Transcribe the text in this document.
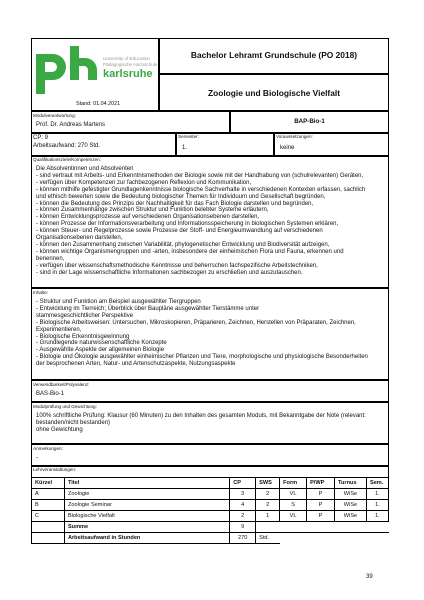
University of Education
Pädagogische Hochschule
karlsruhe
Stand: 01.04.2021
Bachelor Lehramt Grundschule (PO 2018)
Zoologie und Biologische Vielfalt
Modulverantwortung:
Prof. Dr. Andreas Martens	BAP-Bio-1
CP: 9
Arbeitsaufwand: 270 Std.
Semester:
1.
Voraussetzungen:
keine
Qualifikationsziele/Kompetenzen:
Die Absolventinnen und Absolventen
- sind vertraut mit Arbeits- und Erkenntnismethoden der Biologie sowie mit der Handhabung von (schulrelevanten) Geräten,
- verfügen über Kompetenzen zur fachbezogenen Reflexion und Kommunikation,
- können mithilfe gefestigter Grundlagenkenntnisse biologische Sachverhalte in verschiedenen Kontexten erfassen, sachlich
und ethisch bewerten sowie die Bedeutung biologischer Themen für Individuum und Gesellschaft begründen,
- können die Bedeutung des Prinzips der Nachhaltigkeit für das Fach Biologie darstellen und begründen,
- können Zusammenhänge zwischen Struktur und Funktion belebter Systeme erläutern,
- können Entwicklungsprozesse auf verschiedenen Organisationsebenen darstellen,
- können Prozesse der Informationsverarbeitung und Informationsspeicherung in biologischen Systemen erklären,
- können Steuer- und Regelprozesse sowie Prozesse der Stoff- und Energieumwandlung auf verschiedenen
Organisationsebenen darstellen,
- können den Zusammenhang zwischen Variabilität, phylogenetischer Entwicklung und Biodiversität aufzeigen,
- können wichtige Organismengruppen und -arten, insbesondere der einheimischen Flora und Fauna, erkennen und
benennen,
- verfügen über wissenschaftsmethodische Kenntnisse und beherrschen fachspezifische Arbeitstechniken,
- sind in der Lage wissenschaftliche Informationen sachbezogen zu erschließen und auszutauschen.
Inhalte:
- Struktur und Funktion am Beispiel ausgewählter Tiergruppen
- Entwicklung im Tierreich; Überblick über Baupläne ausgewählter Tierstämme unter
stammesgeschichtlicher Perspektive
- Biologische Arbeitsweisen: Untersuchen, Mikroskopieren, Präparieren, Zeichnen, Herstellen von Präparaten, Zeichnen,
Experimentieren,
- Biologische Erkenntnisgewinnung
- Grundlegende naturwissenschaftliche Konzepte
- Ausgewählte Aspekte der allgemeinen Biologie
- Biologie und Ökologie ausgewählter einheimischer Pflanzen und Tiere, morphologische und physiologische Besonderheiten
der besprochenen Arten, Natur- und Artenschutzaspekte, Nutzungsaspekte
Verwendbarkeit/Polyvalenz:
BAS-Bio-1
Modulprüfung und Gewichtung:
100% schriftliche Prüfung: Klausur (60 Minuten) zu den Inhalten des gesamten Moduls, mit Bekanntgabe der Note (relevant:
bestanden/nicht bestanden)
ohne Gewichtung
Anmerkungen:
-
Lehrveranstaltungen:
Kürzel	Titel	CP	SWS	Form	P/WP	Turnus	Sem.
A	Zoologie	3	2	VL	P	WiSe	1.
B	Zoologie Seminar	4	2	S	P	WiSe	1.
C	Biologische Vielfalt	2	1	VL	P	WiSe	1.
	Summe	9					
	Arbeitsaufwand in Stunden	270	Std.				
39
